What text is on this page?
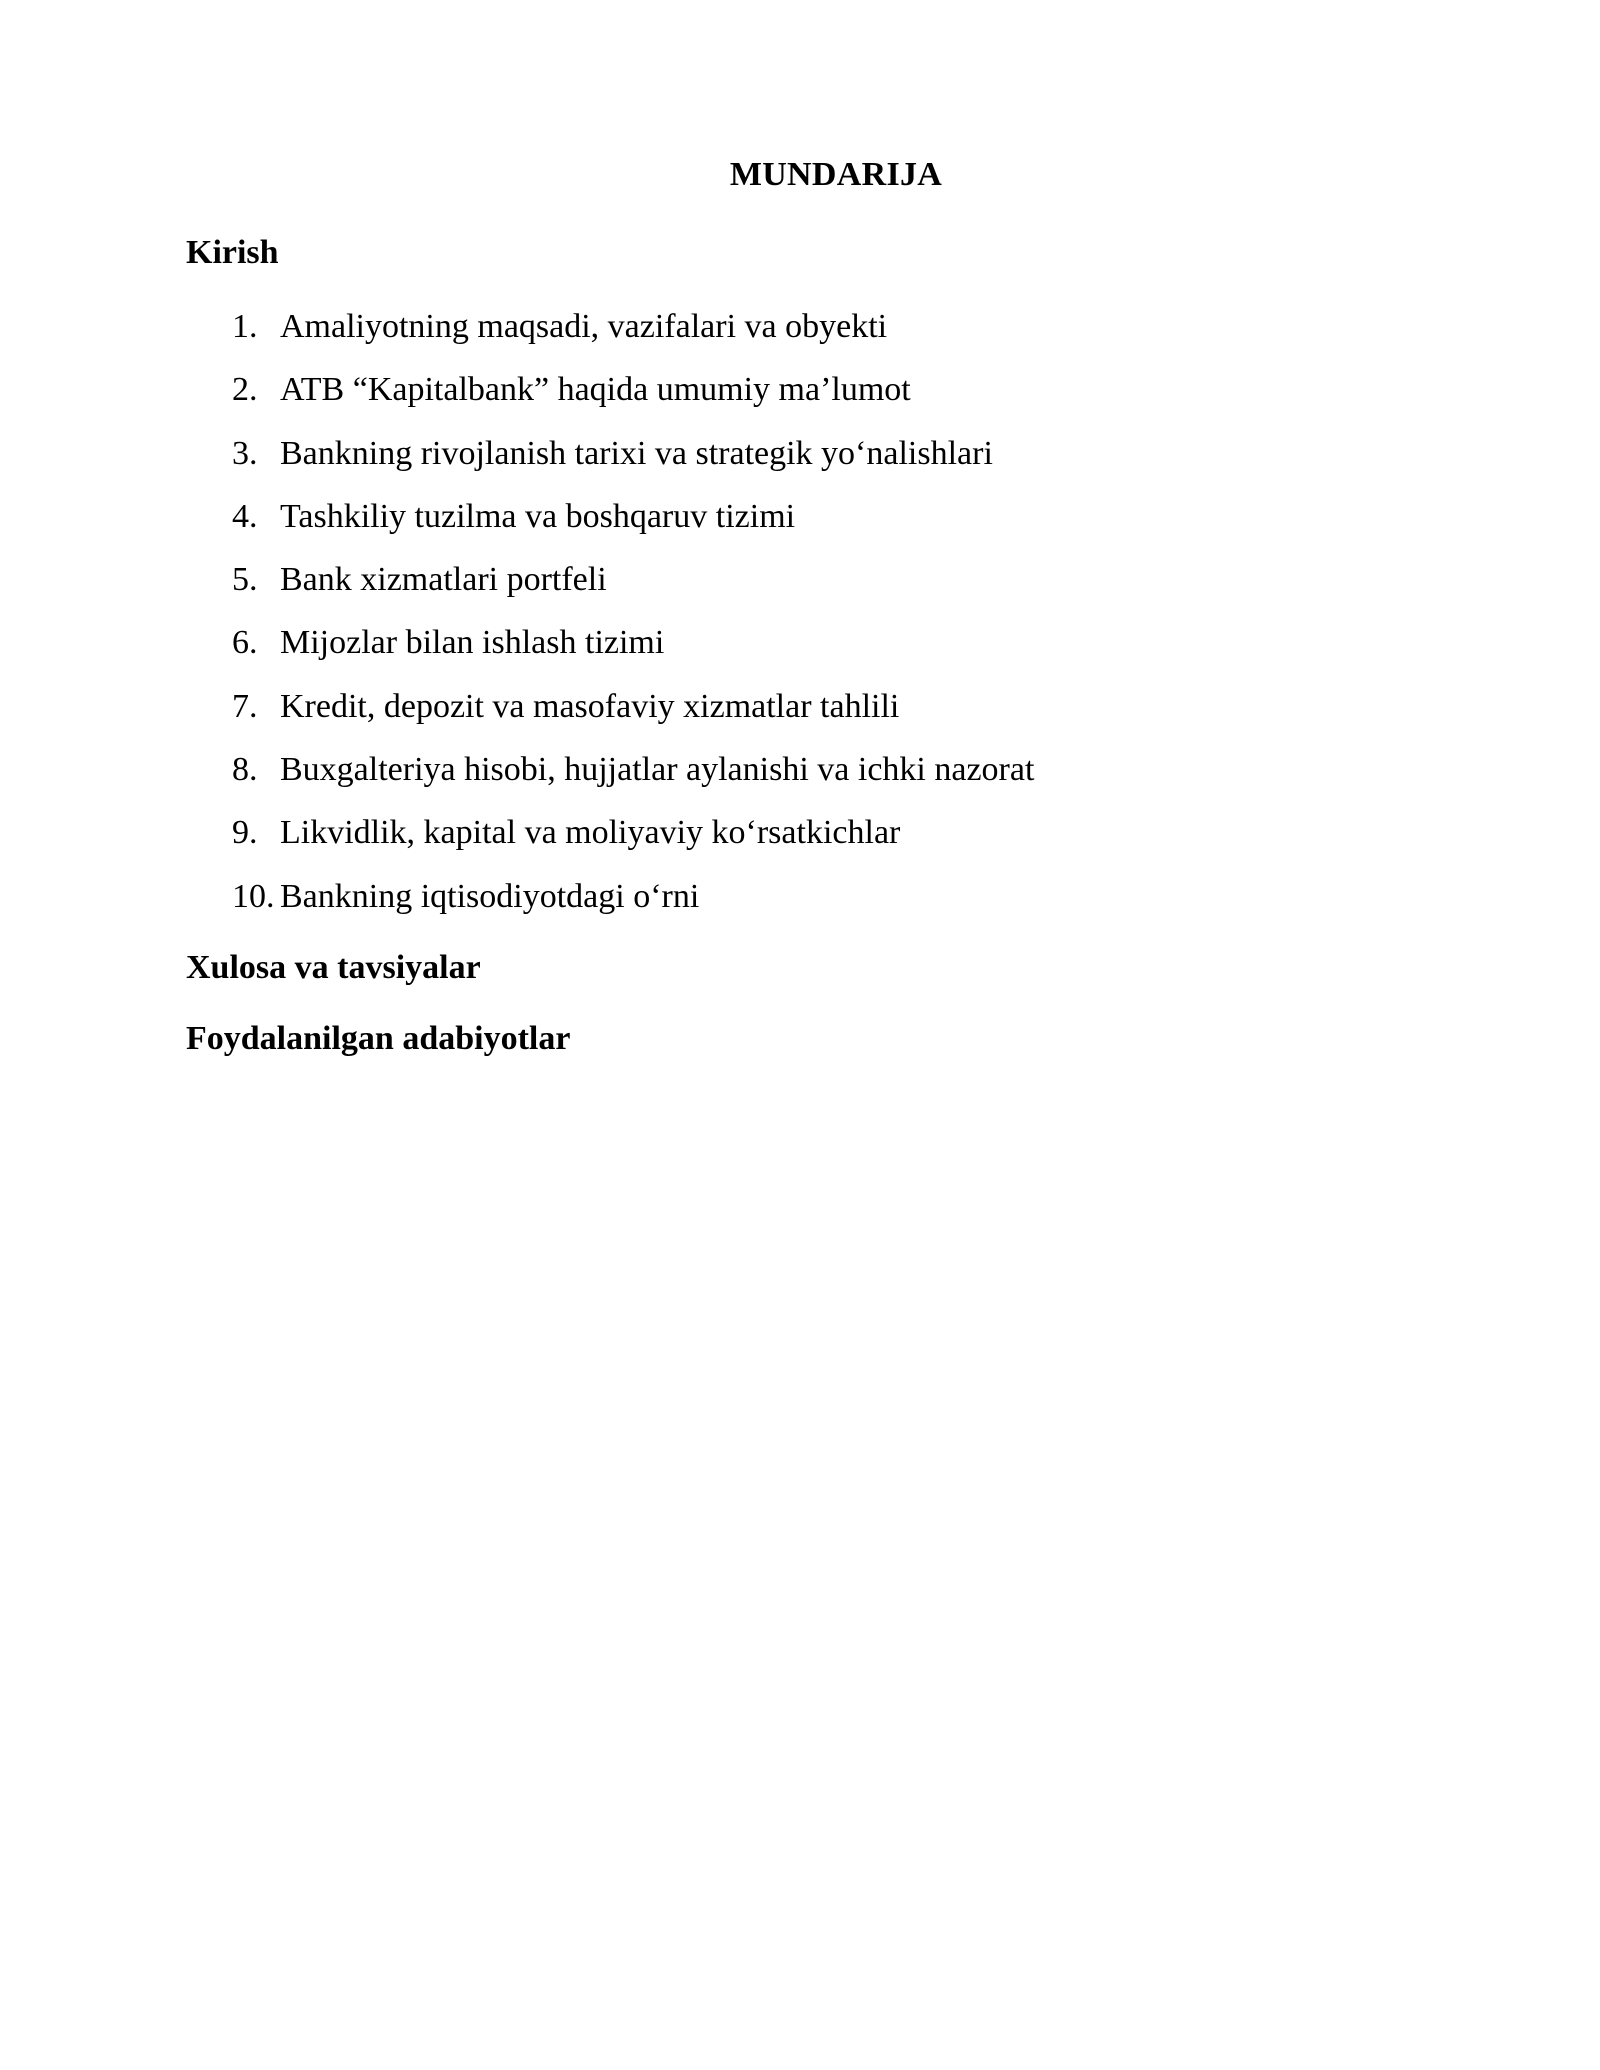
MUNDARIJA
Kirish
1. Amaliyotning maqsadi, vazifalari va obyekti
2. ATB “Kapitalbank” haqida umumiy ma’lumot
3. Bankning rivojlanish tarixi va strategik yo‘nalishlari
4. Tashkiliy tuzilma va boshqaruv tizimi
5. Bank xizmatlari portfeli
6. Mijozlar bilan ishlash tizimi
7. Kredit, depozit va masofaviy xizmatlar tahlili
8. Buxgalteriya hisobi, hujjatlar aylanishi va ichki nazorat
9. Likvidlik, kapital va moliyaviy ko‘rsatkichlar
10. Bankning iqtisodiyotdagi o‘rni
Xulosa va tavsiyalar
Foydalanilgan adabiyotlar
